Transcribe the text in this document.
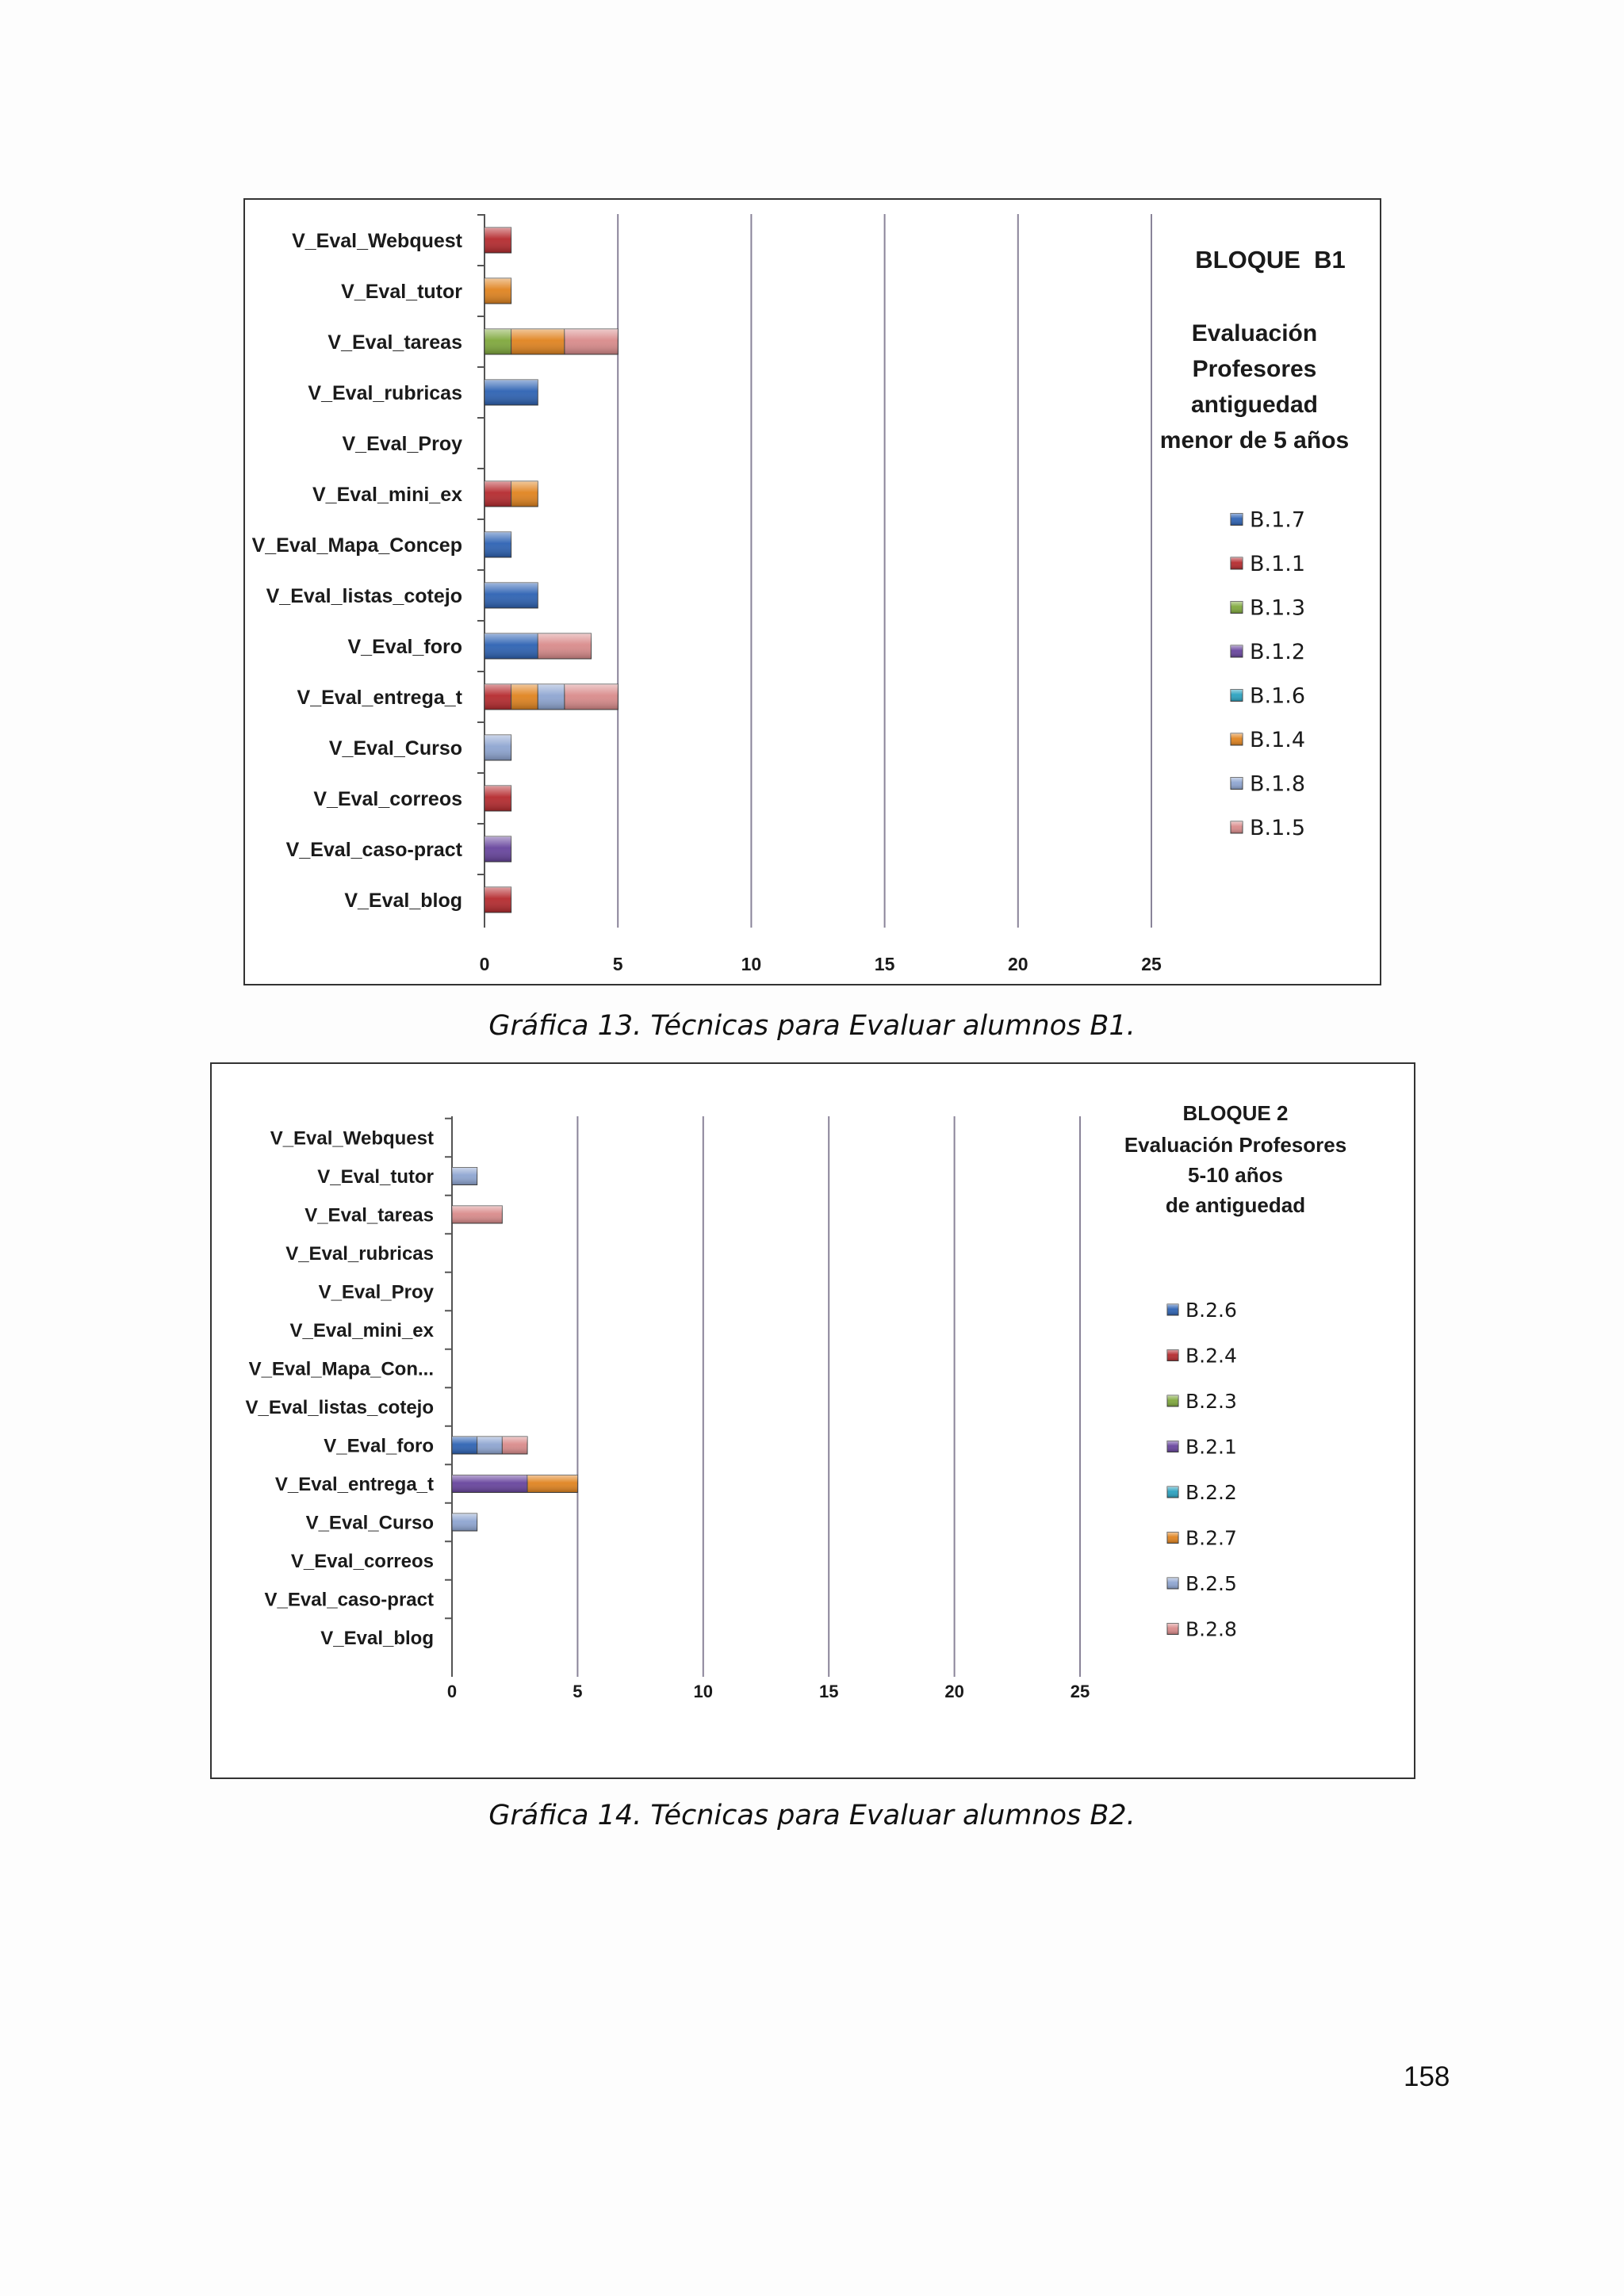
0	5	10	15	20	25
V_Eval_Webquest
V_Eval_tutor
V_Eval_tareas
V_Eval_rubricas
V_Eval_Proy
V_Eval_mini_ex
V_Eval_Mapa_Concep
V_Eval_listas_cotejo
V_Eval_foro
V_Eval_entrega_t
V_Eval_Curso
V_Eval_correos
V_Eval_caso-pract
V_Eval_blog
BLOQUE  B1
Evaluación
Profesores
antiguedad
menor de 5 años
B.1.7
B.1.1
B.1.3
B.1.2
B.1.6
B.1.4
B.1.8
B.1.5
Gráfica 13. Técnicas para Evaluar alumnos B1.
0	5	10	15	20	25
V_Eval_Webquest
V_Eval_tutor
V_Eval_tareas
V_Eval_rubricas
V_Eval_Proy
V_Eval_mini_ex
V_Eval_Mapa_Con...
V_Eval_listas_cotejo
V_Eval_foro
V_Eval_entrega_t
V_Eval_Curso
V_Eval_correos
V_Eval_caso-pract
V_Eval_blog
BLOQUE 2
Evaluación Profesores
5-10 años
de antiguedad
B.2.6
B.2.4
B.2.3
B.2.1
B.2.2
B.2.7
B.2.5
B.2.8
Gráfica 14. Técnicas para Evaluar alumnos B2.
158
